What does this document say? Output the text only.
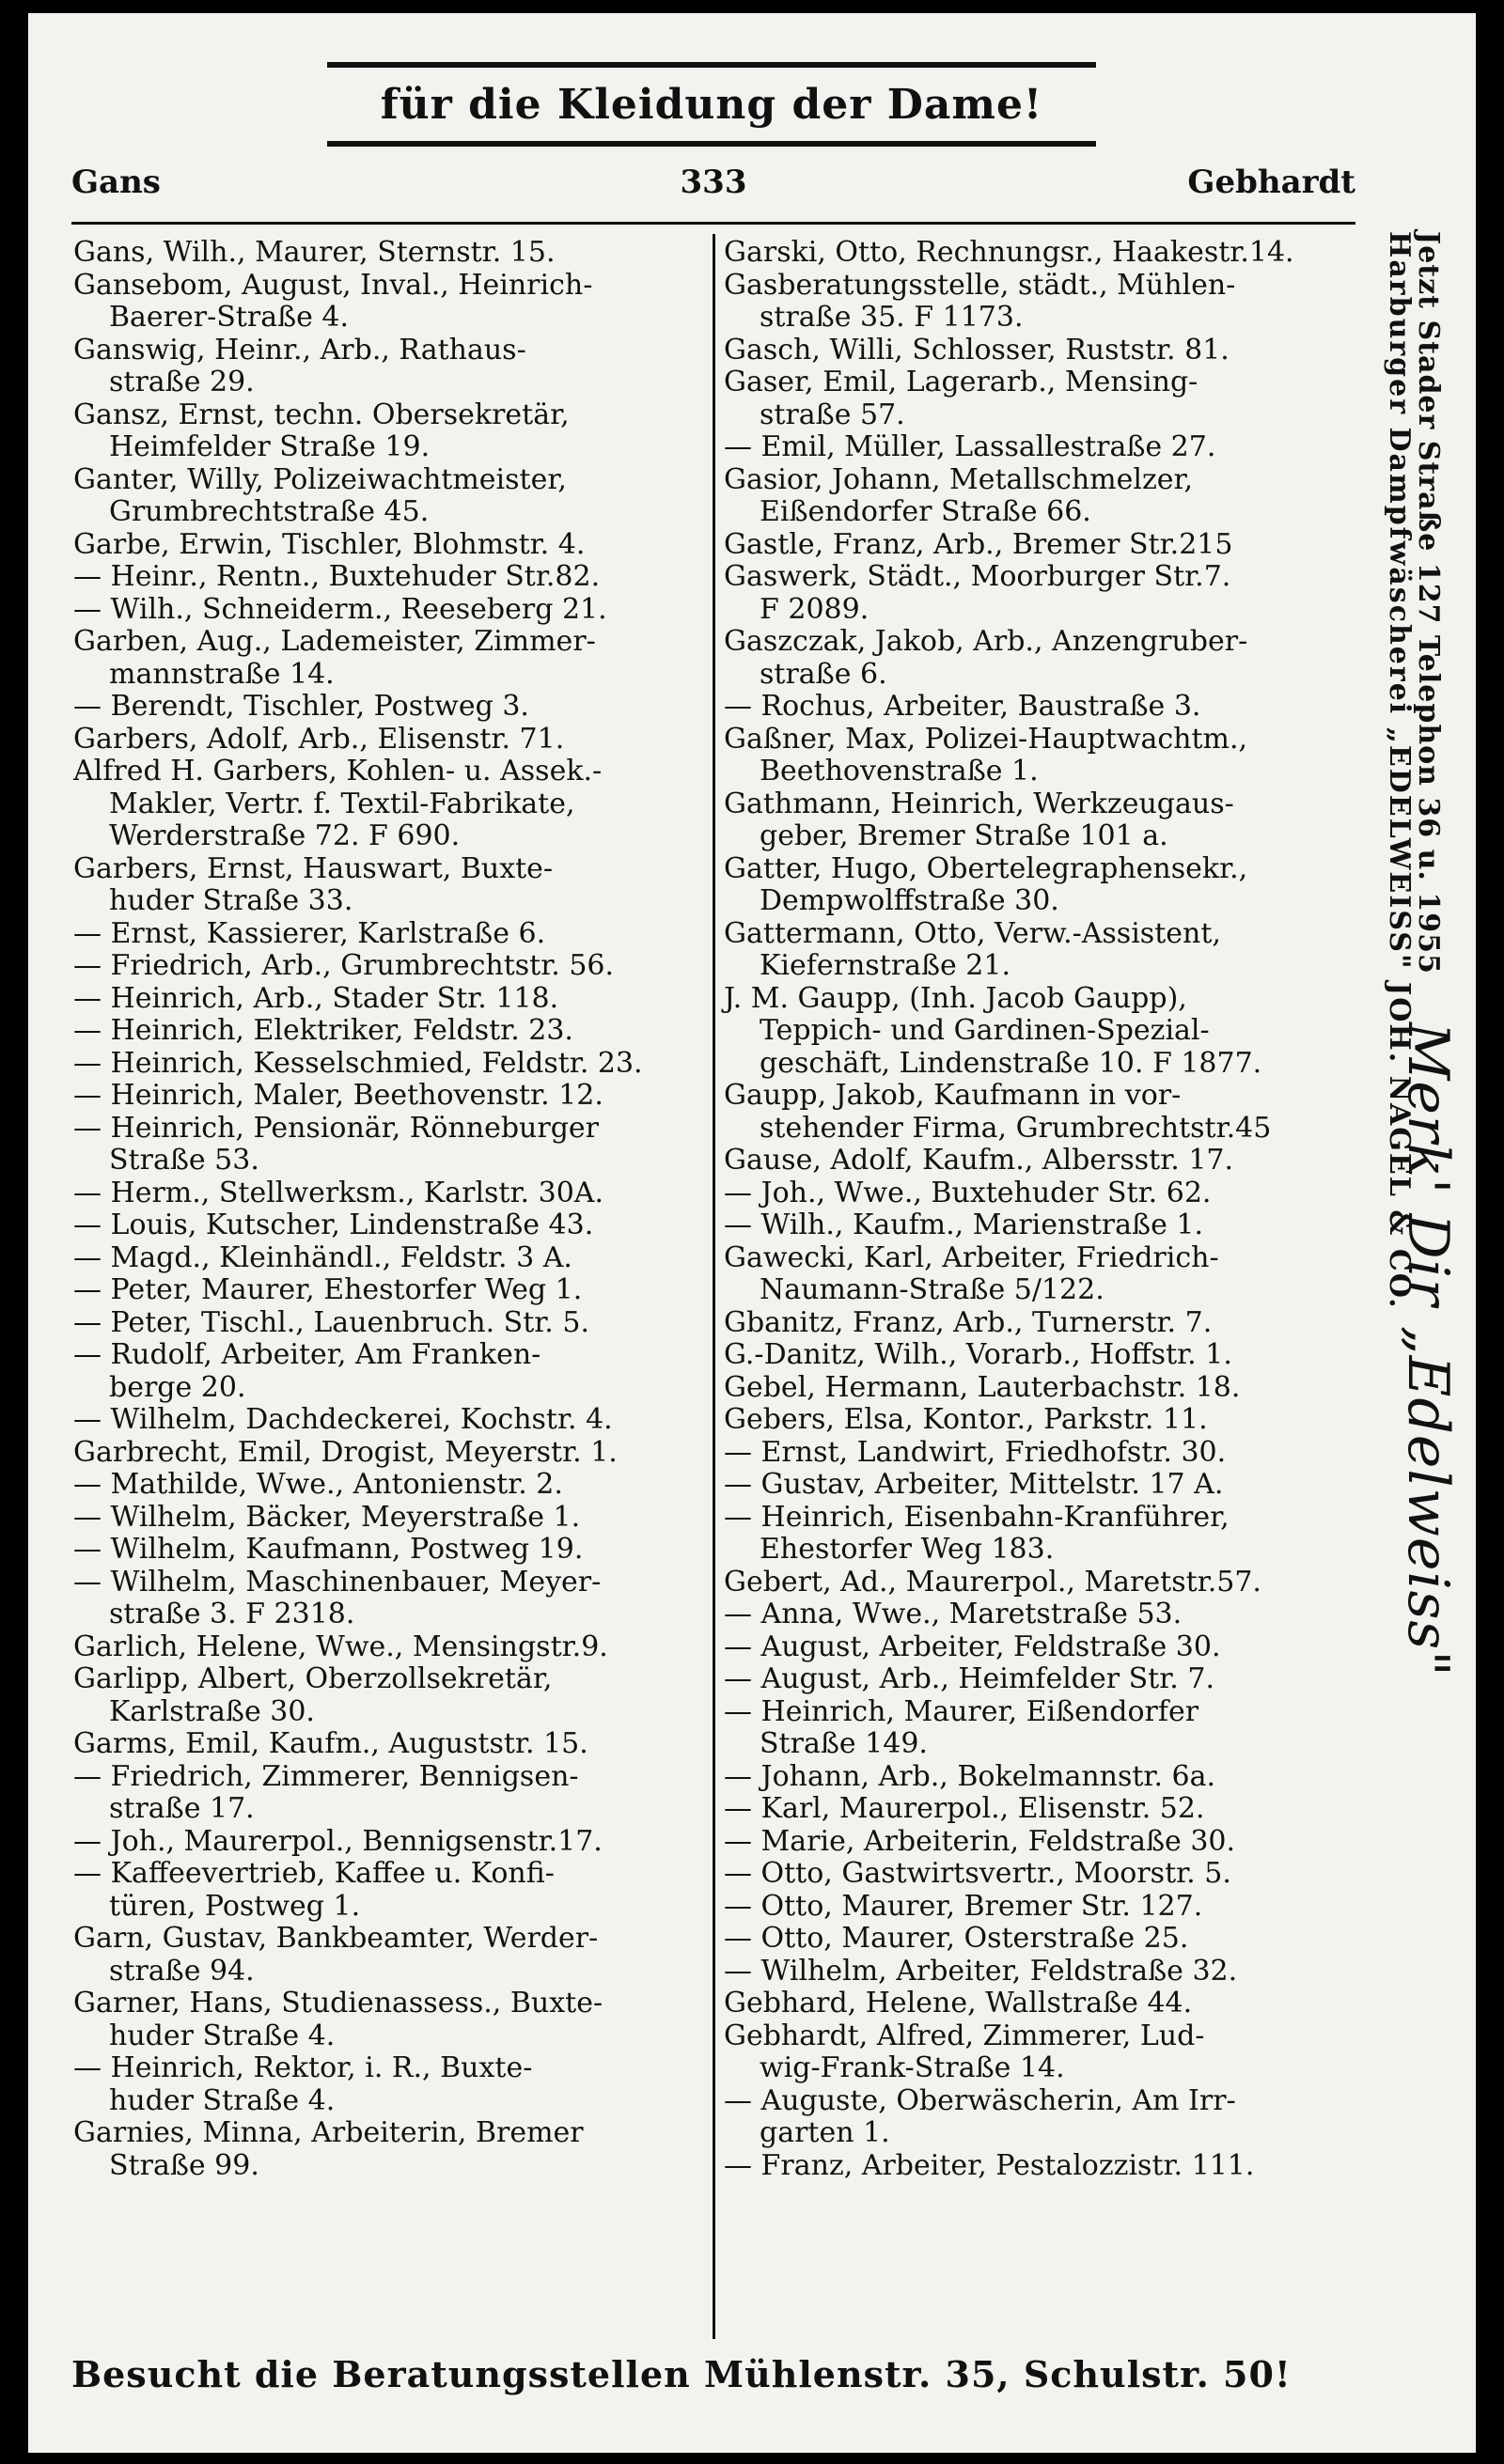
für die Kleidung der Dame!
Gans	333	Gebhardt
Gans, Wilh., Maurer, Sternstr. 15.
Gansebom, August, Inval., Heinrich-
Baerer-Straße 4.
Ganswig, Heinr., Arb., Rathaus-
straße 29.
Gansz, Ernst, techn. Obersekretär,
Heimfelder Straße 19.
Ganter, Willy, Polizeiwachtmeister,
Grumbrechtstraße 45.
Garbe, Erwin, Tischler, Blohmstr. 4.
— Heinr., Rentn., Buxtehuder Str.82.
— Wilh., Schneiderm., Reeseberg 21.
Garben, Aug., Lademeister, Zimmer-
mannstraße 14.
— Berendt, Tischler, Postweg 3.
Garbers, Adolf, Arb., Elisenstr. 71.
Alfred H. Garbers, Kohlen- u. Assek.-
Makler, Vertr. f. Textil-Fabrikate,
Werderstraße 72. F 690.
Garbers, Ernst, Hauswart, Buxte-
huder Straße 33.
— Ernst, Kassierer, Karlstraße 6.
— Friedrich, Arb., Grumbrechtstr. 56.
— Heinrich, Arb., Stader Str. 118.
— Heinrich, Elektriker, Feldstr. 23.
— Heinrich, Kesselschmied, Feldstr. 23.
— Heinrich, Maler, Beethovenstr. 12.
— Heinrich, Pensionär, Rönneburger
Straße 53.
— Herm., Stellwerksm., Karlstr. 30A.
— Louis, Kutscher, Lindenstraße 43.
— Magd., Kleinhändl., Feldstr. 3 A.
— Peter, Maurer, Ehestorfer Weg 1.
— Peter, Tischl., Lauenbruch. Str. 5.
— Rudolf, Arbeiter, Am Franken-
berge 20.
— Wilhelm, Dachdeckerei, Kochstr. 4.
Garbrecht, Emil, Drogist, Meyerstr. 1.
— Mathilde, Wwe., Antonienstr. 2.
— Wilhelm, Bäcker, Meyerstraße 1.
— Wilhelm, Kaufmann, Postweg 19.
— Wilhelm, Maschinenbauer, Meyer-
straße 3. F 2318.
Garlich, Helene, Wwe., Mensingstr.9.
Garlipp, Albert, Oberzollsekretär,
Karlstraße 30.
Garms, Emil, Kaufm., Auguststr. 15.
— Friedrich, Zimmerer, Bennigsen-
straße 17.
— Joh., Maurerpol., Bennigsenstr.17.
— Kaffeevertrieb, Kaffee u. Konfi-
türen, Postweg 1.
Garn, Gustav, Bankbeamter, Werder-
straße 94.
Garner, Hans, Studienassess., Buxte-
huder Straße 4.
— Heinrich, Rektor, i. R., Buxte-
huder Straße 4.
Garnies, Minna, Arbeiterin, Bremer
Straße 99.
Garski, Otto, Rechnungsr., Haakestr.14.
Gasberatungsstelle, städt., Mühlen-
straße 35. F 1173.
Gasch, Willi, Schlosser, Ruststr. 81.
Gaser, Emil, Lagerarb., Mensing-
straße 57.
— Emil, Müller, Lassallestraße 27.
Gasior, Johann, Metallschmelzer,
Eißendorfer Straße 66.
Gastle, Franz, Arb., Bremer Str.215
Gaswerk, Städt., Moorburger Str.7.
F 2089.
Gaszczak, Jakob, Arb., Anzengruber-
straße 6.
— Rochus, Arbeiter, Baustraße 3.
Gaßner, Max, Polizei-Hauptwachtm.,
Beethovenstraße 1.
Gathmann, Heinrich, Werkzeugaus-
geber, Bremer Straße 101 a.
Gatter, Hugo, Obertelegraphensekr.,
Dempwolffstraße 30.
Gattermann, Otto, Verw.-Assistent,
Kiefernstraße 21.
J. M. Gaupp, (Inh. Jacob Gaupp),
Teppich- und Gardinen-Spezial-
geschäft, Lindenstraße 10. F 1877.
Gaupp, Jakob, Kaufmann in vor-
stehender Firma, Grumbrechtstr.45
Gause, Adolf, Kaufm., Albersstr. 17.
— Joh., Wwe., Buxtehuder Str. 62.
— Wilh., Kaufm., Marienstraße 1.
Gawecki, Karl, Arbeiter, Friedrich-
Naumann-Straße 5/122.
Gbanitz, Franz, Arb., Turnerstr. 7.
G.-Danitz, Wilh., Vorarb., Hoffstr. 1.
Gebel, Hermann, Lauterbachstr. 18.
Gebers, Elsa, Kontor., Parkstr. 11.
— Ernst, Landwirt, Friedhofstr. 30.
— Gustav, Arbeiter, Mittelstr. 17 A.
— Heinrich, Eisenbahn-Kranführer,
Ehestorfer Weg 183.
Gebert, Ad., Maurerpol., Maretstr.57.
— Anna, Wwe., Maretstraße 53.
— August, Arbeiter, Feldstraße 30.
— August, Arb., Heimfelder Str. 7.
— Heinrich, Maurer, Eißendorfer
Straße 149.
— Johann, Arb., Bokelmannstr. 6a.
— Karl, Maurerpol., Elisenstr. 52.
— Marie, Arbeiterin, Feldstraße 30.
— Otto, Gastwirtsvertr., Moorstr. 5.
— Otto, Maurer, Bremer Str. 127.
— Otto, Maurer, Osterstraße 25.
— Wilhelm, Arbeiter, Feldstraße 32.
Gebhard, Helene, Wallstraße 44.
Gebhardt, Alfred, Zimmerer, Lud-
wig-Frank-Straße 14.
— Auguste, Oberwäscherin, Am Irr-
garten 1.
— Franz, Arbeiter, Pestalozzistr. 111.
Harburger Dampfwäscherei „EDELWEISS" JOH. NAGEL & CO.
Jetzt Stader Straße 127 Telephon 36 u. 1955 Merk' Dir „Edelweiss"
Besucht die Beratungsstellen Mühlenstr. 35, Schulstr. 50!
